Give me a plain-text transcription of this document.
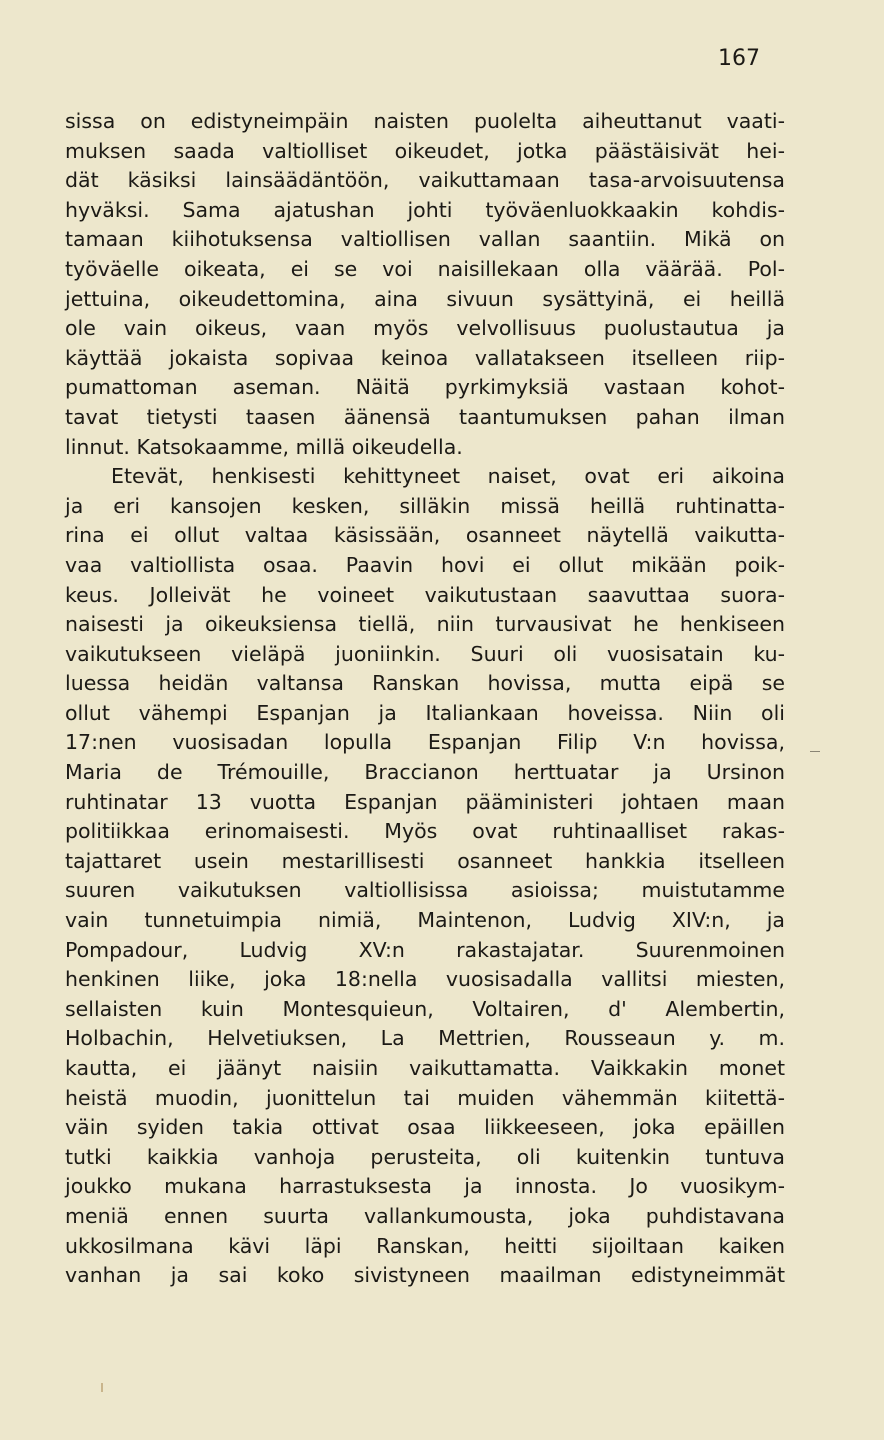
167
sissa on edistyneimpäin naisten puolelta aiheuttanut vaati-
muksen saada valtiolliset oikeudet, jotka päästäisivät hei-
dät käsiksi lainsäädäntöön, vaikuttamaan tasa-arvoisuutensa
hyväksi. Sama ajatushan johti työväenluokkaakin kohdis-
tamaan kiihotuksensa valtiollisen vallan saantiin. Mikä on
työväelle oikeata, ei se voi naisillekaan olla väärää. Pol-
jettuina, oikeudettomina, aina sivuun sysättyinä, ei heillä
ole vain oikeus, vaan myös velvollisuus puolustautua ja
käyttää jokaista sopivaa keinoa vallatakseen itselleen riip-
pumattoman aseman. Näitä pyrkimyksiä vastaan kohot-
tavat tietysti taasen äänensä taantumuksen pahan ilman
linnut. Katsokaamme, millä oikeudella.
Etevät, henkisesti kehittyneet naiset, ovat eri aikoina
ja eri kansojen kesken, silläkin missä heillä ruhtinatta-
rina ei ollut valtaa käsissään, osanneet näytellä vaikutta-
vaa valtiollista osaa. Paavin hovi ei ollut mikään poik-
keus. Jolleivät he voineet vaikutustaan saavuttaa suora-
naisesti ja oikeuksiensa tiellä, niin turvausivat he henkiseen
vaikutukseen vieläpä juoniinkin. Suuri oli vuosisatain ku-
luessa heidän valtansa Ranskan hovissa, mutta eipä se
ollut vähempi Espanjan ja Italiankaan hoveissa. Niin oli
17:nen vuosisadan lopulla Espanjan Filip V:n hovissa,
Maria de Trémouille, Braccianon herttuatar ja Ursinon
ruhtinatar 13 vuotta Espanjan pääministeri johtaen maan
politiikkaa erinomaisesti. Myös ovat ruhtinaalliset rakas-
tajattaret usein mestarillisesti osanneet hankkia itselleen
suuren vaikutuksen valtiollisissa asioissa; muistutamme
vain tunnetuimpia nimiä, Maintenon, Ludvig XIV:n, ja
Pompadour, Ludvig XV:n rakastajatar. Suurenmoinen
henkinen liike, joka 18:nella vuosisadalla vallitsi miesten,
sellaisten kuin Montesquieun, Voltairen, d' Alembertin,
Holbachin, Helvetiuksen, La Mettrien, Rousseaun y. m.
kautta, ei jäänyt naisiin vaikuttamatta. Vaikkakin monet
heistä muodin, juonittelun tai muiden vähemmän kiitettä-
väin syiden takia ottivat osaa liikkeeseen, joka epäillen
tutki kaikkia vanhoja perusteita, oli kuitenkin tuntuva
joukko mukana harrastuksesta ja innosta. Jo vuosikym-
meniä ennen suurta vallankumousta, joka puhdistavana
ukkosilmana kävi läpi Ranskan, heitti sijoiltaan kaiken
vanhan ja sai koko sivistyneen maailman edistyneimmät
